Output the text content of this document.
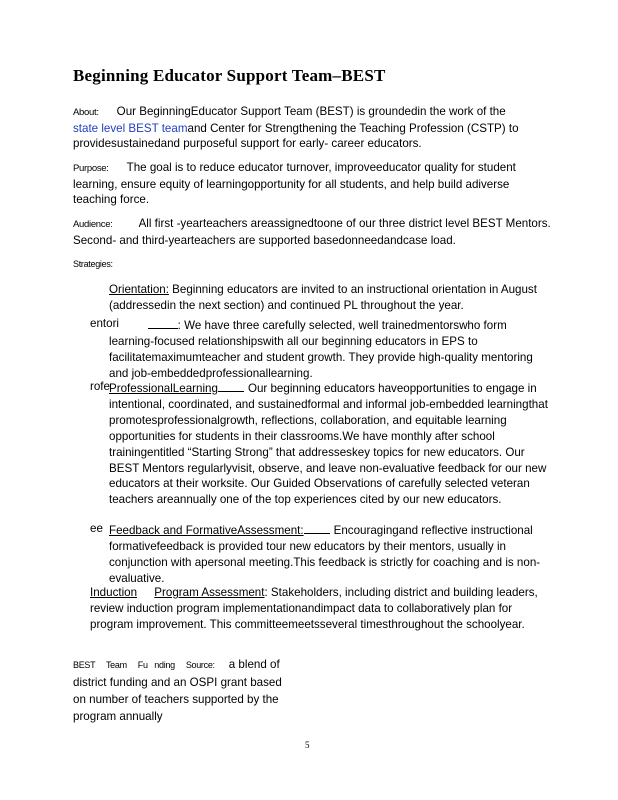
Beginning Educator Support Team–BEST
About: Our BeginningEducator Support Team (BEST) is groundedin the work of the
state level BEST teamand Center for Strengthening the Teaching Profession (CSTP) to providesustainedand purposeful support for early- career educators.
Purpose: The goal is to reduce educator turnover, improveeducator quality for student learning, ensure equity of learningopportunity for all students, and help build adiverse teaching force.
Audience: All first -yearteachers areassignedtoone of our three district level BEST Mentors. Second- and third-yearteachers are supported basedonneedandcase load.
Strategies:
Orientation: Beginning educators are invited to an instructional orientation in August (addressedin the next section) and continued PL throughout the year.
entori	: We have three carefully selected, well trainedmentorswho form learning-focused relationshipswith all our beginning educators in EPS to facilitatemaximumteacher and student growth. They provide high-quality mentoring and job-embeddedprofessionallearning.
rofe ProfessionalLearning	Our beginning educators haveopportunities to engage in intentional, coordinated, and sustainedformal and informal job-embedded learningthat promotesprofessionalgrowth, reflections, collaboration, and equitable learning opportunities for students in their classrooms.We have monthly after school trainingentitled “Starting Strong” that addresseskey topics for new educators. Our BEST Mentors regularlyvisit, observe, and leave non-evaluative feedback for our new educators at their worksite. Our Guided Observations of carefully selected veteran teachers areannually one of the top experiences cited by our new educators.
ee Feedback and FormativeAssessment:	Encouragingand reflective instructional formativefeedback is provided tour new educators by their mentors, usually in conjunction with apersonal meeting.This feedback is strictly for coaching and is non-evaluative.
Induction Program Assessment: Stakeholders, including district and building leaders, review induction program implementationandimpact data to collaboratively plan for program improvement. This committeemeetsseveral timesthroughout the schoolyear.
BEST     Team     Fu   nding     Source: a blend of district funding and an OSPI grant based on number of teachers supported by the program annually
5
